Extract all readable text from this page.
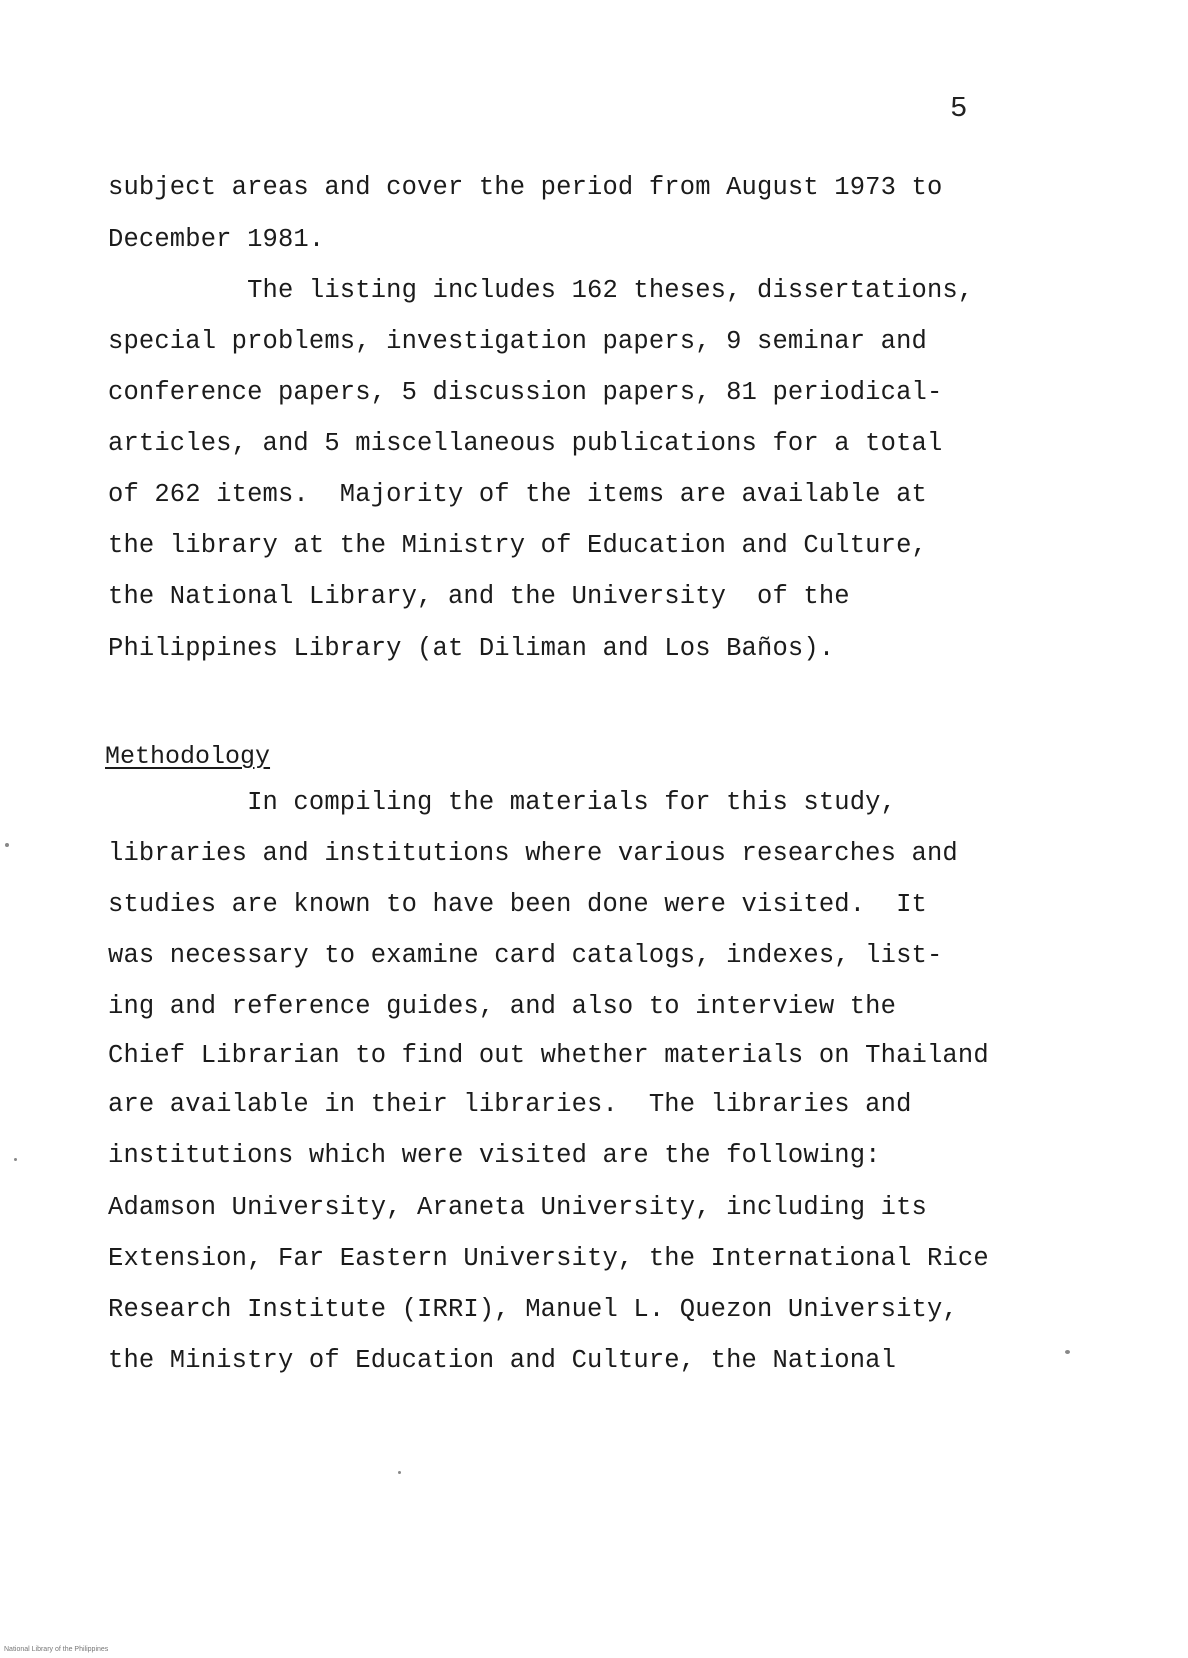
5
subject areas and cover the period from August 1973 to
December 1981.
The listing includes 162 theses, dissertations,
special problems, investigation papers, 9 seminar and
conference papers, 5 discussion papers, 81 periodical-
articles, and 5 miscellaneous publications for a total
of 262 items.  Majority of the items are available at
the library at the Ministry of Education and Culture,
the National Library, and the University  of the
Philippines Library (at Diliman and Los Baños).
Methodology
In compiling the materials for this study,
libraries and institutions where various researches and
studies are known to have been done were visited.  It
was necessary to examine card catalogs, indexes, list-
ing and reference guides, and also to interview the
Chief Librarian to find out whether materials on Thailand
are available in their libraries.  The libraries and
institutions which were visited are the following:
Adamson University, Araneta University, including its
Extension, Far Eastern University, the International Rice
Research Institute (IRRI), Manuel L. Quezon University,
the Ministry of Education and Culture, the National
National Library of the Philippines
